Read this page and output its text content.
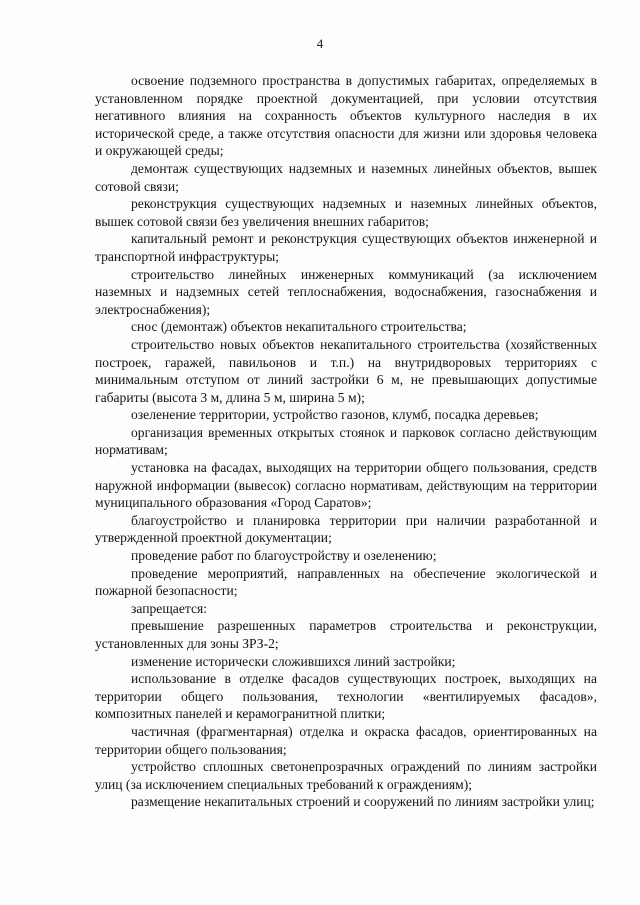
4

освоение подземного пространства в допустимых габаритах, определяемых в установленном порядке проектной документацией, при условии отсутствия негативного влияния на сохранность объектов культурного наследия в их исторической среде, а также отсутствия опасности для жизни или здоровья человека и окружающей среды;

демонтаж существующих надземных и наземных линейных объектов, вышек сотовой связи;

реконструкция существующих надземных и наземных линейных объектов, вышек сотовой связи без увеличения внешних габаритов;

капитальный ремонт и реконструкция существующих объектов инженерной и транспортной инфраструктуры;

строительство линейных инженерных коммуникаций (за исключением наземных и надземных сетей теплоснабжения, водоснабжения, газоснабжения и электроснабжения);

снос (демонтаж) объектов некапитального строительства;

строительство новых объектов некапитального строительства (хозяйственных построек, гаражей, павильонов и т.п.) на внутридворовых территориях с минимальным отступом от линий застройки 6 м, не превышающих допустимые габариты (высота 3 м, длина 5 м, ширина 5 м);

озеленение территории, устройство газонов, клумб, посадка деревьев;

организация временных открытых стоянок и парковок согласно действующим нормативам;

установка на фасадах, выходящих на территории общего пользования, средств наружной информации (вывесок) согласно нормативам, действующим на территории муниципального образования «Город Саратов»;

благоустройство и планировка территории при наличии разработанной и утвержденной проектной документации;

проведение работ по благоустройству и озеленению;

проведение мероприятий, направленных на обеспечение экологической и пожарной безопасности;

запрещается:

превышение разрешенных параметров строительства и реконструкции, установленных для зоны ЗРЗ-2;

изменение исторически сложившихся линий застройки;

использование в отделке фасадов существующих построек, выходящих на территории общего пользования, технологии «вентилируемых фасадов», композитных панелей и керамогранитной плитки;

частичная (фрагментарная) отделка и окраска фасадов, ориентированных на территории общего пользования;

устройство сплошных светонепрозрачных ограждений по линиям застройки улиц (за исключением специальных требований к ограждениям);

размещение некапитальных строений и сооружений по линиям застройки улиц;
